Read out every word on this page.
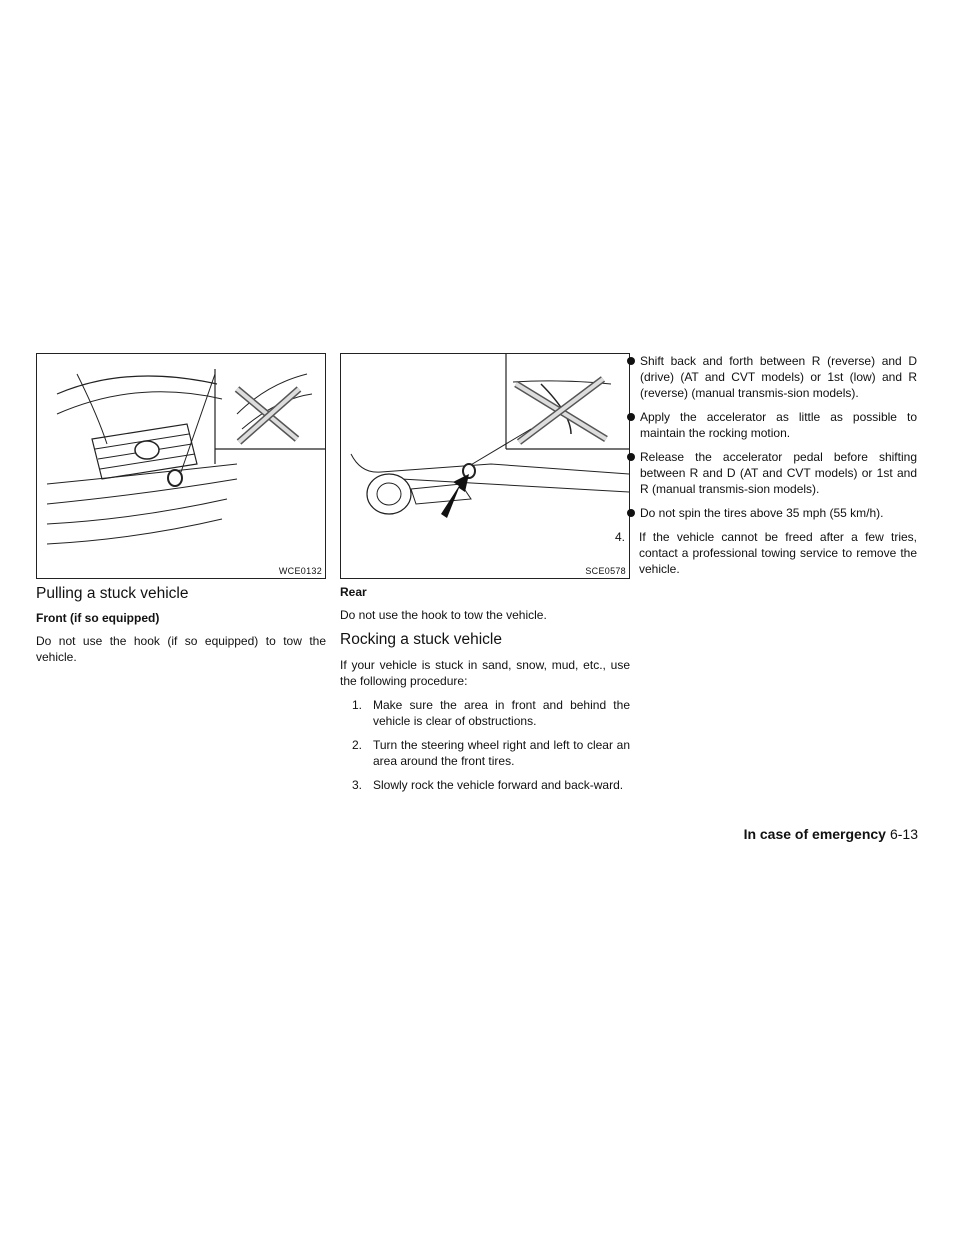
WCE0132
Pulling a stuck vehicle
Front (if so equipped)

Do not use the hook (if so equipped) to tow the vehicle.

SCE0578
Rear

Do not use the hook to tow the vehicle.

Rocking a stuck vehicle

If your vehicle is stuck in sand, snow, mud, etc., use the following procedure:

1. Make sure the area in front and behind the vehicle is clear of obstructions.
2. Turn the steering wheel right and left to clear an area around the front tires.
3. Slowly rock the vehicle forward and back-ward.
Shift back and forth between R (reverse) and D (drive) (AT and CVT models) or 1st (low) and R (reverse) (manual transmis-sion models).
Apply the accelerator as little as possible to maintain the rocking motion.
Release the accelerator pedal before shifting between R and D (AT and CVT models) or 1st and R (manual transmis-sion models).
Do not spin the tires above 35 mph (55 km/h).
4. If the vehicle cannot be freed after a few tries, contact a professional towing service to remove the vehicle.
In case of emergency 6-13
